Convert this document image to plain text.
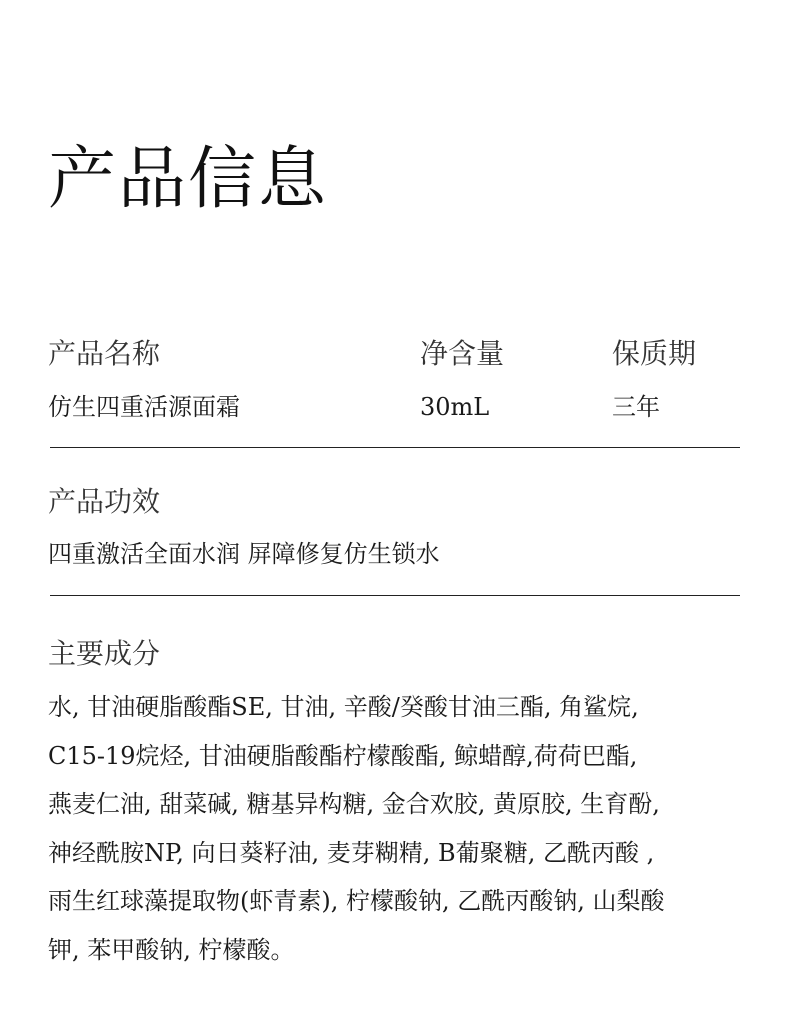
产品信息
产品名称	净含量	保质期
仿生四重活源面霜	30mL	三年
产品功效
四重激活全面水润 屏障修复仿生锁水
主要成分
水, 甘油硬脂酸酯SE, 甘油, 辛酸/癸酸甘油三酯, 角鲨烷,
C15-19烷烃, 甘油硬脂酸酯柠檬酸酯, 鲸蜡醇,荷荷巴酯,
燕麦仁油, 甜菜碱, 糖基异构糖, 金合欢胶, 黄原胶, 生育酚,
神经酰胺NP, 向日葵籽油, 麦芽糊精, B葡聚糖, 乙酰丙酸 ,
雨生红球藻提取物(虾青素), 柠檬酸钠, 乙酰丙酸钠, 山梨酸
钾, 苯甲酸钠, 柠檬酸。
